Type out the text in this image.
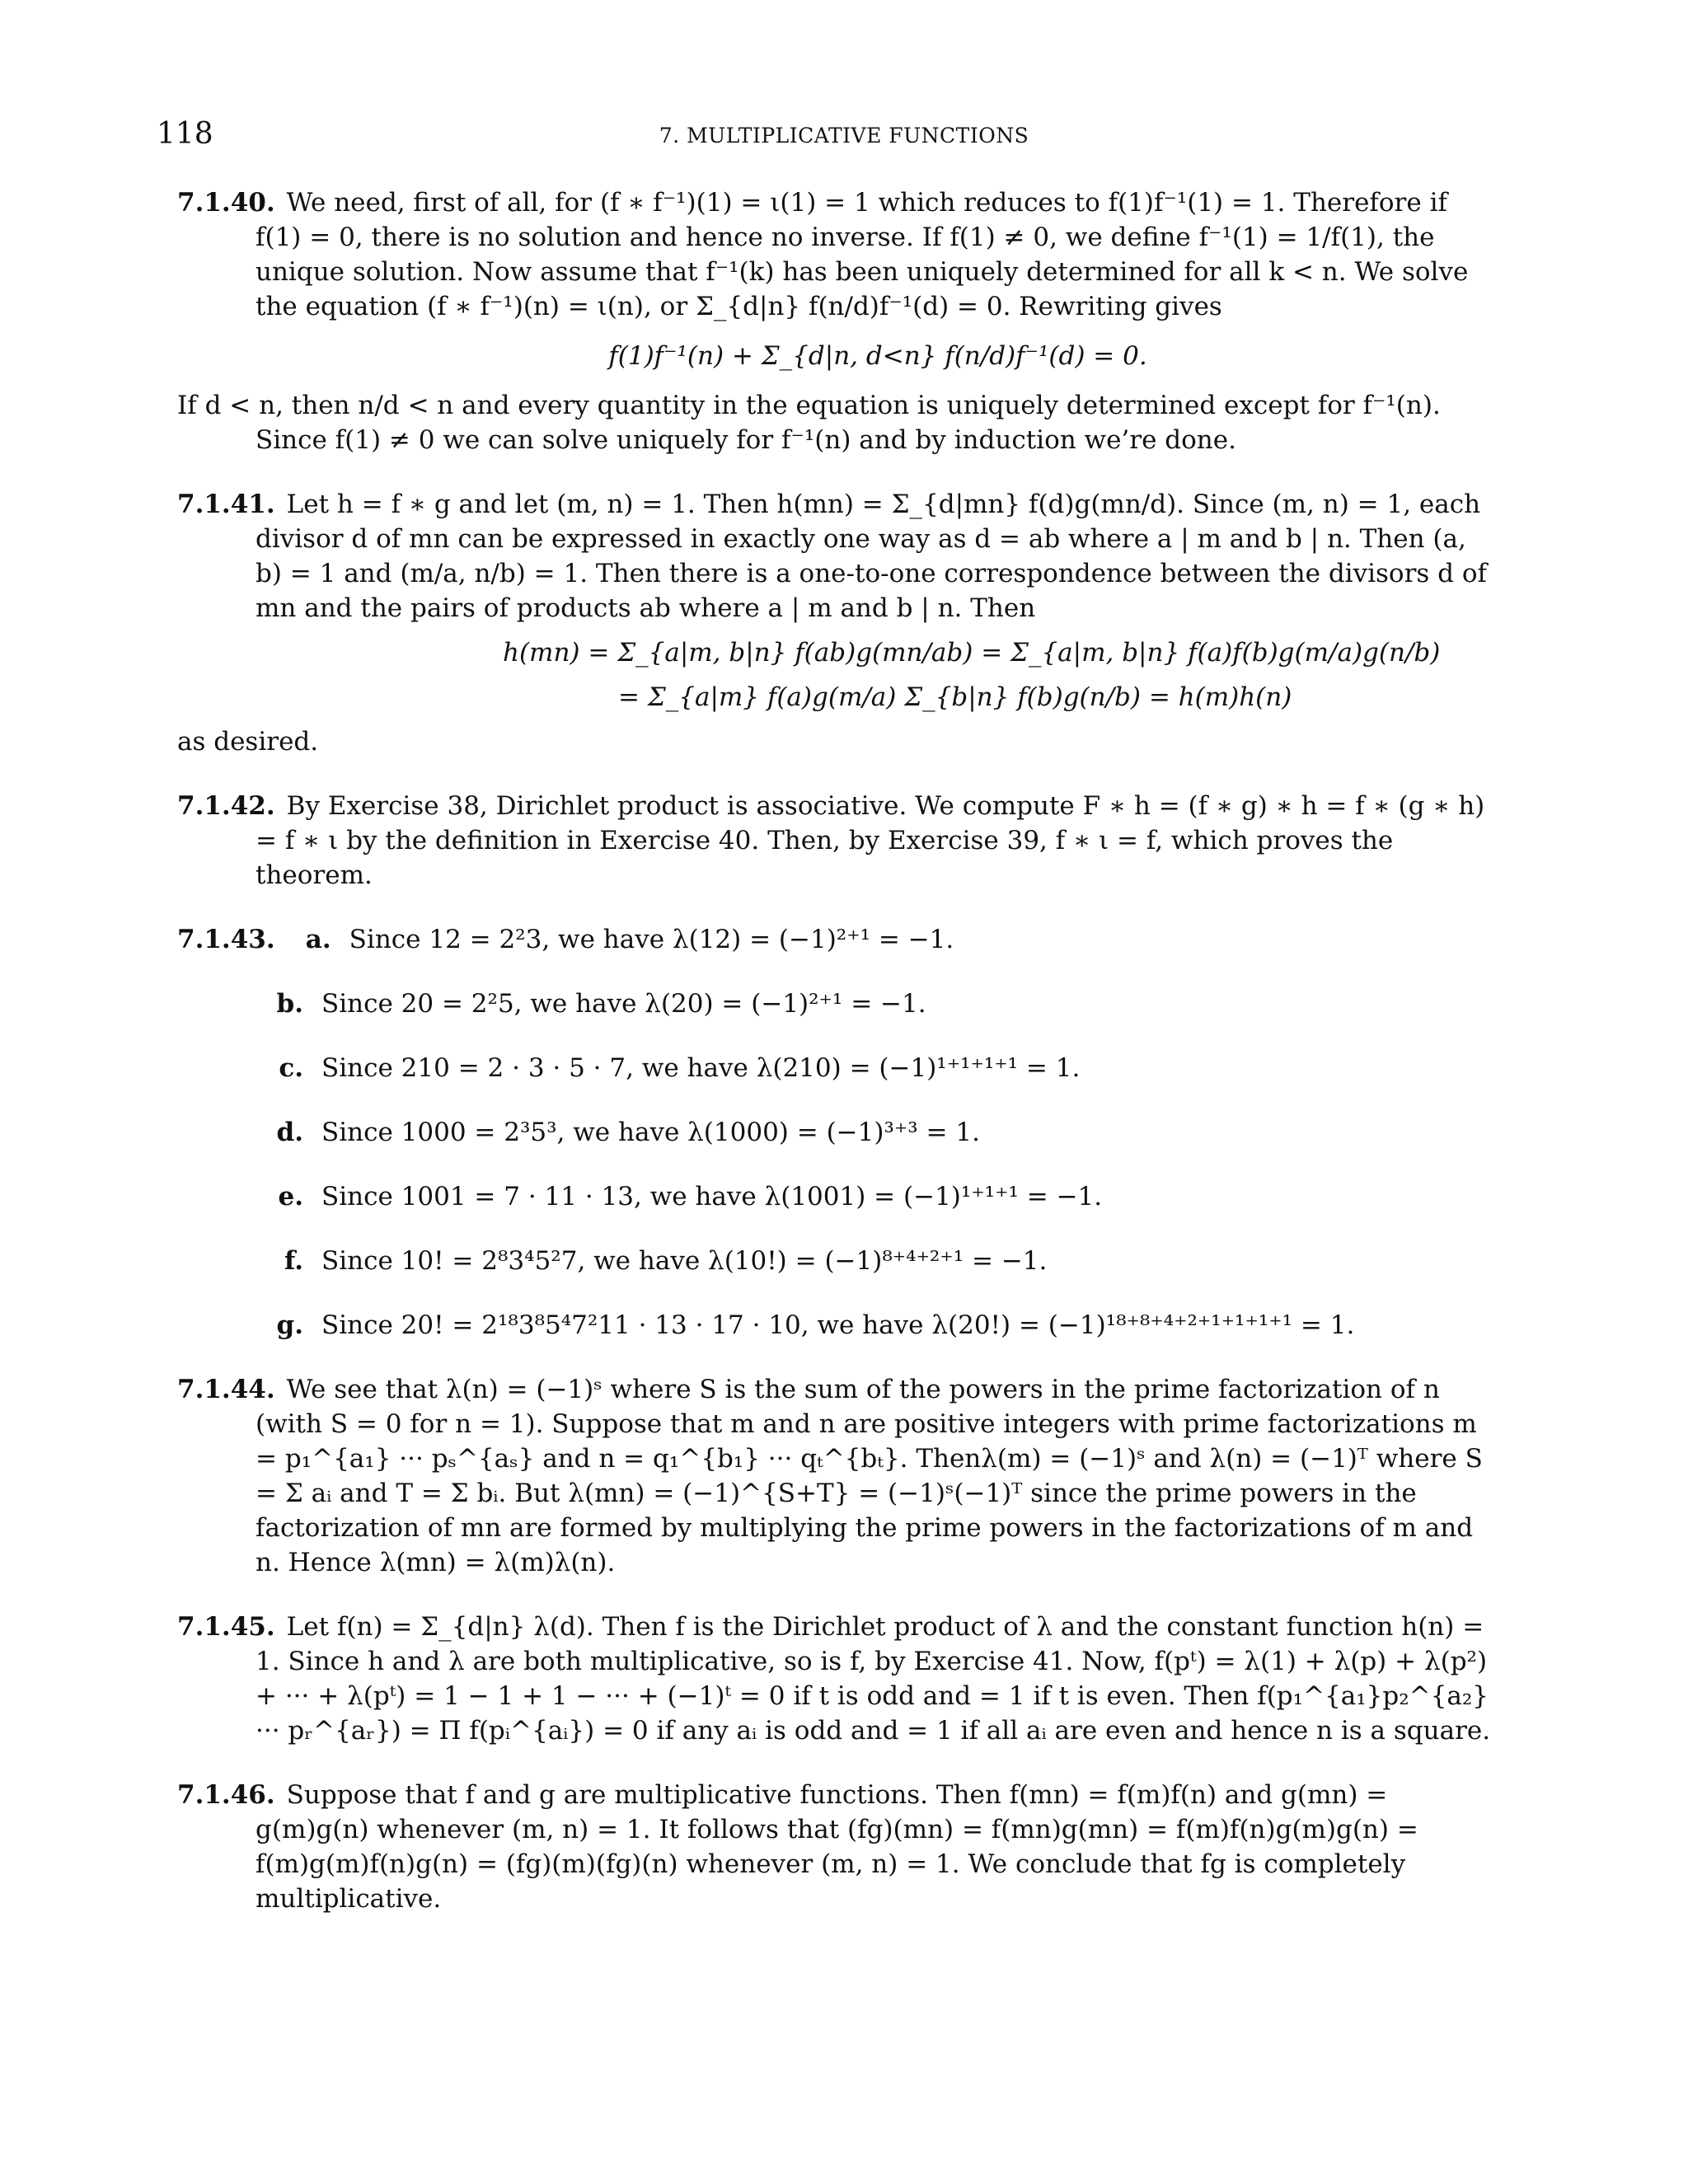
118	7. MULTIPLICATIVE FUNCTIONS
7.1.40. We need, first of all, for (f ∗ f⁻¹)(1) = ι(1) = 1 which reduces to f(1)f⁻¹(1) = 1. Therefore if f(1) = 0, there is no solution and hence no inverse. If f(1) ≠ 0, we define f⁻¹(1) = 1/f(1), the unique solution. Now assume that f⁻¹(k) has been uniquely determined for all k < n. We solve the equation (f ∗ f⁻¹)(n) = ι(n), or Σ_{d|n} f(n/d)f⁻¹(d) = 0. Rewriting gives
f(1)f⁻¹(n) + Σ_{d|n, d<n} f(n/d)f⁻¹(d) = 0.
If d < n, then n/d < n and every quantity in the equation is uniquely determined except for f⁻¹(n). Since f(1) ≠ 0 we can solve uniquely for f⁻¹(n) and by induction we’re done.
7.1.41. Let h = f ∗ g and let (m, n) = 1. Then h(mn) = Σ_{d|mn} f(d)g(mn/d). Since (m, n) = 1, each divisor d of mn can be expressed in exactly one way as d = ab where a | m and b | n. Then (a, b) = 1 and (m/a, n/b) = 1. Then there is a one-to-one correspondence between the divisors d of mn and the pairs of products ab where a | m and b | n. Then
h(mn) = Σ_{a|m, b|n} f(ab)g(mn/ab) = Σ_{a|m, b|n} f(a)f(b)g(m/a)g(n/b)
= Σ_{a|m} f(a)g(m/a) Σ_{b|n} f(b)g(n/b) = h(m)h(n)
as desired.
7.1.42. By Exercise 38, Dirichlet product is associative. We compute F ∗ h = (f ∗ g) ∗ h = f ∗ (g ∗ h) = f ∗ ι by the definition in Exercise 40. Then, by Exercise 39, f ∗ ι = f, which proves the theorem.
7.1.43. a. Since 12 = 2²3, we have λ(12) = (−1)²⁺¹ = −1.
b. Since 20 = 2²5, we have λ(20) = (−1)²⁺¹ = −1.
c. Since 210 = 2 · 3 · 5 · 7, we have λ(210) = (−1)¹⁺¹⁺¹⁺¹ = 1.
d. Since 1000 = 2³5³, we have λ(1000) = (−1)³⁺³ = 1.
e. Since 1001 = 7 · 11 · 13, we have λ(1001) = (−1)¹⁺¹⁺¹ = −1.
f. Since 10! = 2⁸3⁴5²7, we have λ(10!) = (−1)⁸⁺⁴⁺²⁺¹ = −1.
g. Since 20! = 2¹⁸3⁸5⁴7²11 · 13 · 17 · 10, we have λ(20!) = (−1)¹⁸⁺⁸⁺⁴⁺²⁺¹⁺¹⁺¹⁺¹ = 1.
7.1.44. We see that λ(n) = (−1)ˢ where S is the sum of the powers in the prime factorization of n (with S = 0 for n = 1). Suppose that m and n are positive integers with prime factorizations m = p₁^{a₁} ··· pₛ^{aₛ} and n = q₁^{b₁} ··· qₜ^{bₜ}. Thenλ(m) = (−1)ˢ and λ(n) = (−1)ᵀ where S = Σ aᵢ and T = Σ bᵢ. But λ(mn) = (−1)^{S+T} = (−1)ˢ(−1)ᵀ since the prime powers in the factorization of mn are formed by multiplying the prime powers in the factorizations of m and n. Hence λ(mn) = λ(m)λ(n).
7.1.45. Let f(n) = Σ_{d|n} λ(d). Then f is the Dirichlet product of λ and the constant function h(n) = 1. Since h and λ are both multiplicative, so is f, by Exercise 41. Now, f(pᵗ) = λ(1) + λ(p) + λ(p²) + ··· + λ(pᵗ) = 1 − 1 + 1 − ··· + (−1)ᵗ = 0 if t is odd and = 1 if t is even. Then f(p₁^{a₁}p₂^{a₂} ··· pᵣ^{aᵣ}) = Π f(pᵢ^{aᵢ}) = 0 if any aᵢ is odd and = 1 if all aᵢ are even and hence n is a square.
7.1.46. Suppose that f and g are multiplicative functions. Then f(mn) = f(m)f(n) and g(mn) = g(m)g(n) whenever (m, n) = 1. It follows that (fg)(mn) = f(mn)g(mn) = f(m)f(n)g(m)g(n) = f(m)g(m)f(n)g(n) = (fg)(m)(fg)(n) whenever (m, n) = 1. We conclude that fg is completely multiplicative.
